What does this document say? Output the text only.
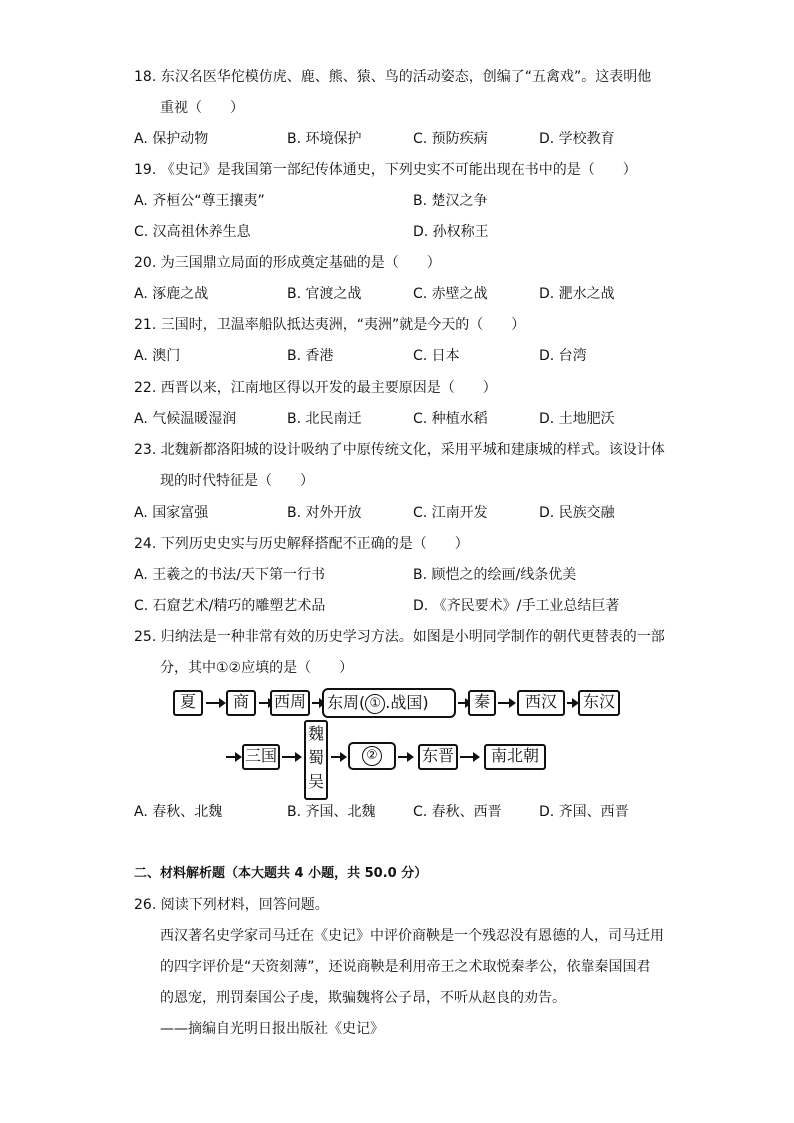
18. 东汉名医华佗模仿虎、鹿、熊、猿、鸟的活动姿态，创编了“五禽戏”。这表明他
重视（　　）
A. 保护动物	B. 环境保护	C. 预防疾病	D. 学校教育
19. 《史记》是我国第一部纪传体通史，下列史实不可能出现在书中的是（　　）
A. 齐桓公“尊王攘夷”	B. 楚汉之争
C. 汉高祖休养生息	D. 孙权称王
20. 为三国鼎立局面的形成奠定基础的是（　　）
A. 涿鹿之战	B. 官渡之战	C. 赤壁之战	D. 淝水之战
21. 三国时，卫温率船队抵达夷洲，“夷洲”就是今天的（　　）
A. 澳门	B. 香港	C. 日本	D. 台湾
22. 西晋以来，江南地区得以开发的最主要原因是（　　）
A. 气候温暖湿润	B. 北民南迁	C. 种植水稻	D. 土地肥沃
23. 北魏新都洛阳城的设计吸纳了中原传统文化，采用平城和建康城的样式。该设计体
现的时代特征是（　　）
A. 国家富强	B. 对外开放	C. 江南开发	D. 民族交融
24. 下列历史史实与历史解释搭配不正确的是（　　）
A. 王羲之的书法/天下第一行书	B. 顾恺之的绘画/线条优美
C. 石窟艺术/精巧的雕塑艺术品	D. 《齐民要术》/手工业总结巨著
25. 归纳法是一种非常有效的历史学习方法。如图是小明同学制作的朝代更替表的一部
分，其中①②应填的是（　　）
夏	商	西周	东周( ① .战国)	秦	西汉	东汉
三国
魏
蜀
吴
②	东晋	南北朝
A. 春秋、北魏	B. 齐国、北魏	C. 春秋、西晋	D. 齐国、西晋
二、材料解析题（本大题共 4 小题，共 50.0 分）
26. 阅读下列材料，回答问题。
西汉著名史学家司马迁在《史记》中评价商鞅是一个残忍没有恩德的人，司马迁用
的四字评价是“天资刻薄”，还说商鞅是利用帝王之术取悦秦孝公，依靠秦国国君
的恩宠，刑罚秦国公子虔，欺骗魏将公子昂，不听从赵良的劝告。
——摘编自光明日报出版社《史记》
